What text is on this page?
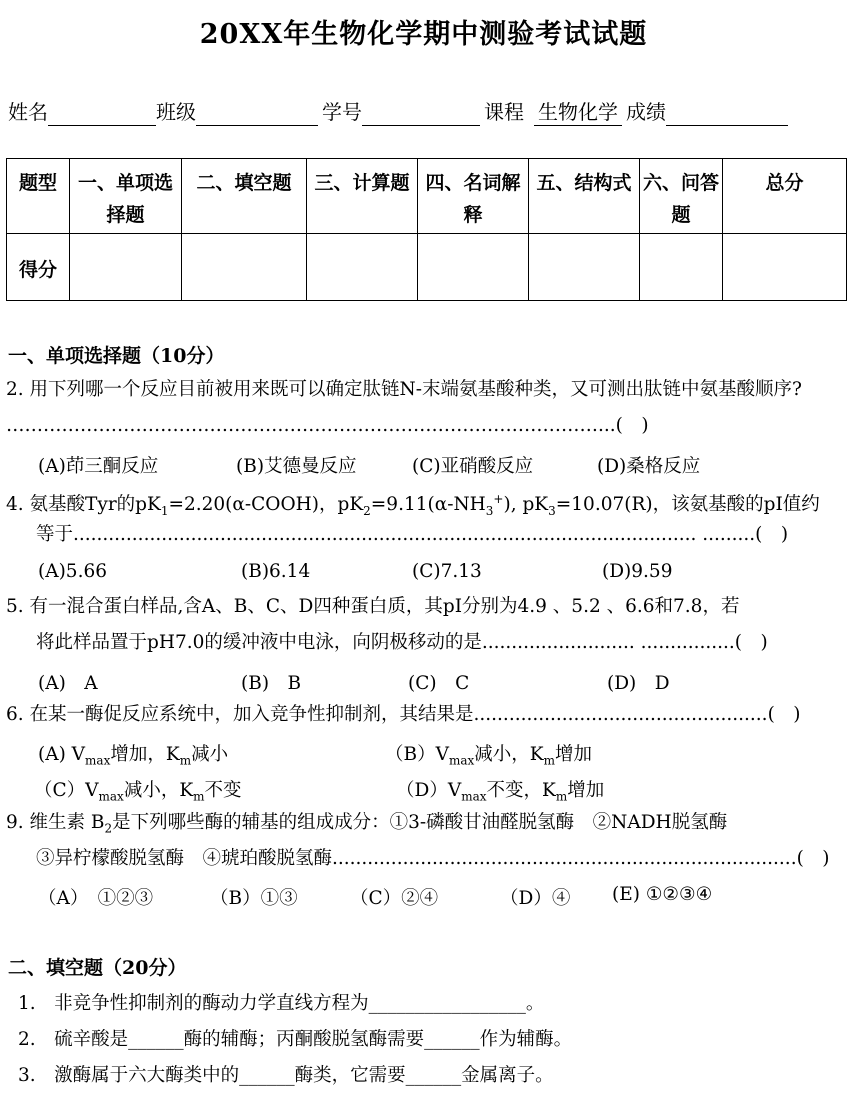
20XX年生物化学期中测验考试试题
姓名	班级	学号	课程 生物化学 成绩
题型	一、单项选择题	二、填空题	三、计算题	四、名词解释	五、结构式	六、问答题	总分
得分							
一、单项选择题（10分）
2. 用下列哪一个反应目前被用来既可以确定肽链N-末端氨基酸种类，又可测出肽链中氨基酸顺序? ……………………………………………………………………………………...(　)
(A)茚三酮反应	(B)艾德曼反应	(C)亚硝酸反应	(D)桑格反应
4. 氨基酸Tyr的$pK_1=2.20(\alpha-COOH)$，$pK_2=9.11(\alpha-NH_3^+)$, $pK_3=10.07(R)$，该氨基酸的pI值约
等于.......................................................................................................... .........(　)
(A)5.66	(B)6.14	(C)7.13	(D)9.59
5. 有一混合蛋白样品,含A、B、C、D四种蛋白质，其pI分别为4.9 、5.2 、6.6和7.8，若
将此样品置于pH7.0的缓冲液中电泳，向阴极移动的是.......................... ................(　)
(A)　A	(B)　B	(C)　C	(D)　D
6. 在某一酶促反应系统中，加入竞争性抑制剂，其结果是..................................................(　)
(A) $V_{max}$增加，$K_m$减小	$(B)V_{max}$减小，$K_m$增加
$(C)V_{max}$减小，$K_m$不变	$(D)V_{max}$不变，$K_m$增加
9. 维生素 $B_2$是下列哪些酶的辅基的组成成分：①3-磷酸甘油醛脱氢酶　②NADH脱氢酶
③异柠檬酸脱氢酶　④琥珀酸脱氢酶...............................................................................(　)
（A）　①②③	（B）①③	（C）②④	（D）④ (E) ①②③④
二、填空题（20分）
1.　非竞争性抑制剂的酶动力学直线方程为_________________。
2.　硫辛酸是______酶的辅酶；丙酮酸脱氢酶需要______作为辅酶。
3.　激酶属于六大酶类中的______酶类，它需要______金属离子。
